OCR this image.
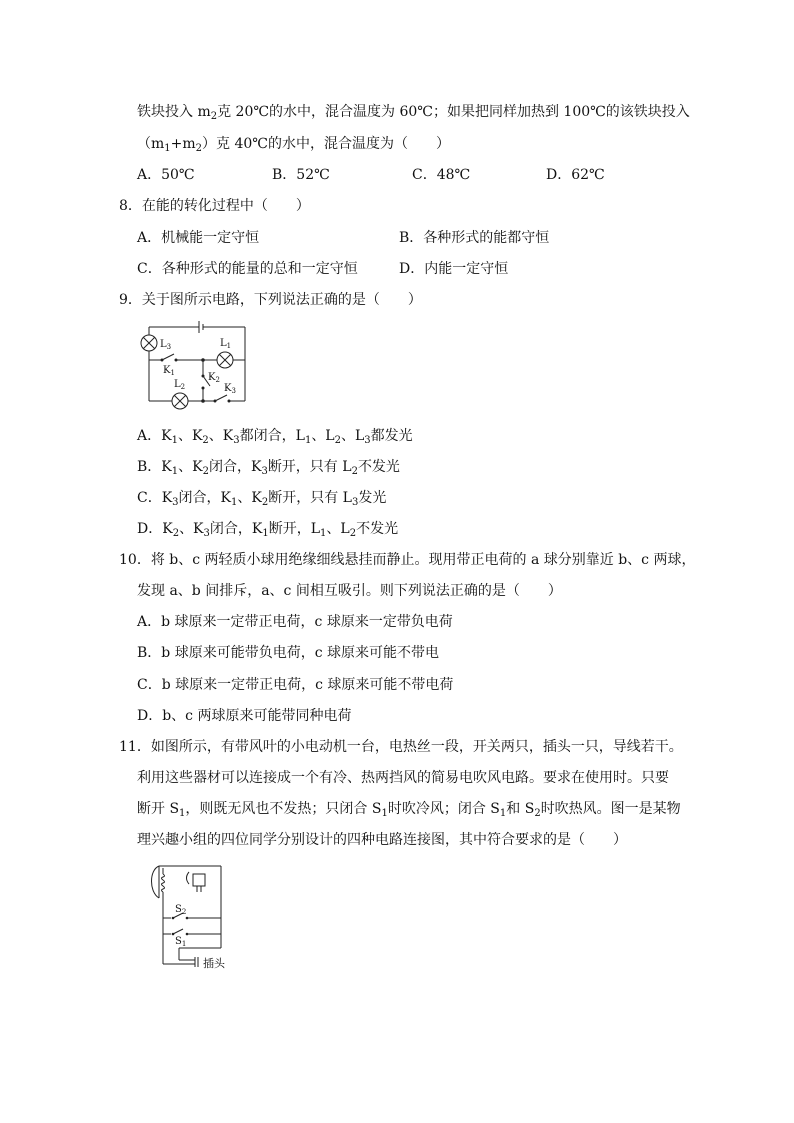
铁块投入 $m_2$克 20℃的水中，混合温度为 60℃；如果把同样加热到 100℃的该铁块投入
$(m_1+m_2)$克 40℃的水中，混合温度为（　　）
A．50℃	B．52℃	C．48℃	D．62℃
8．在能的转化过程中（　　）
A．机械能一定守恒	B．各种形式的能都守恒
C．各种形式的能量的总和一定守恒	D．内能一定守恒
9．关于图所示电路，下列说法正确的是（　　）
$L_3$	$L_1$
$K_1$	$K_2$
$L_2$	$K_3$
A．$K_1$、$K_2$、$K_3$都闭合，$L_1$、$L_2$、$L_3$都发光
B．$K_1$、$K_2$闭合，$K_3$断开，只有 $L_2$不发光
C．$K_3$闭合，$K_1$、$K_2$断开，只有 $L_3$发光
D．$K_2$、$K_3$闭合，$K_1$断开，$L_1$、$L_2$不发光
10．将 b、c 两轻质小球用绝缘细线悬挂而静止。现用带正电荷的 a 球分别靠近 b、c 两球，
发现 a、b 间排斥，a、c 间相互吸引。则下列说法正确的是（　　）
A．b 球原来一定带正电荷，c 球原来一定带负电荷
B．b 球原来可能带负电荷，c 球原来可能不带电
C．b 球原来一定带正电荷，c 球原来可能不带电荷
D．b、c 两球原来可能带同种电荷
11．如图所示，有带风叶的小电动机一台，电热丝一段，开关两只，插头一只，导线若干。
利用这些器材可以连接成一个有冷、热两挡风的简易电吹风电路。要求在使用时。只要
断开 $S_1$，则既无风也不发热；只闭合 $S_1$时吹冷风；闭合 $S_1$和 $S_2$时吹热风。图一是某物
理兴趣小组的四位同学分别设计的四种电路连接图，其中符合要求的是（　　）
$S_2$
$S_1$
插头
